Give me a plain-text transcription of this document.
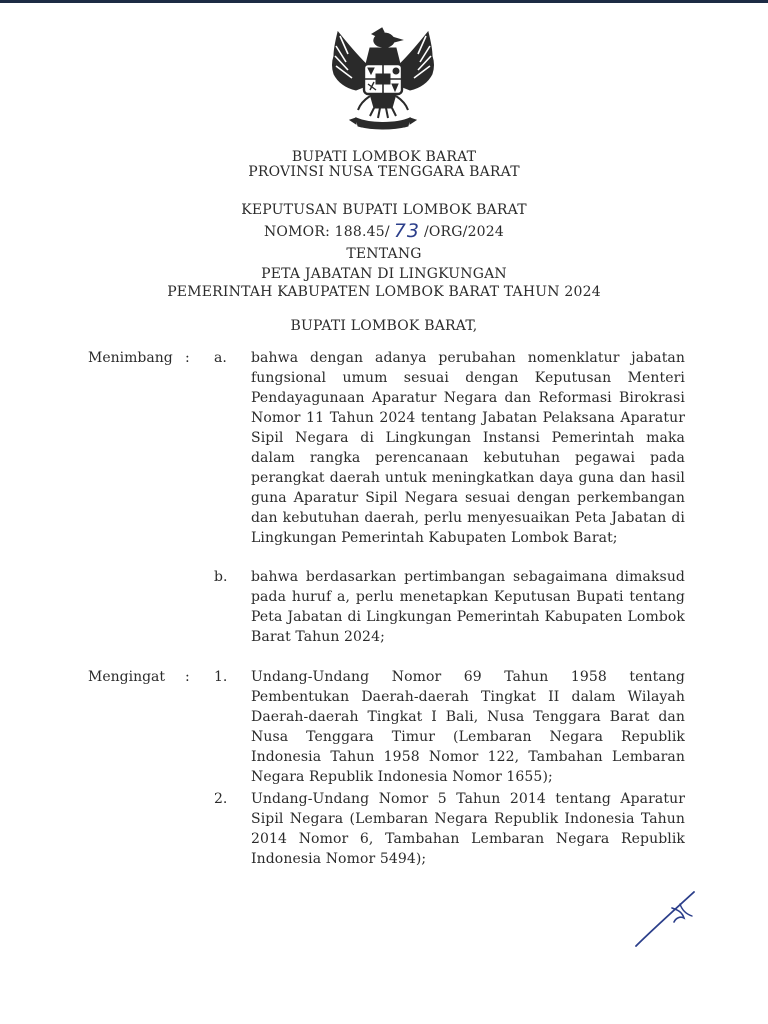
BUPATI LOMBOK BARAT
PROVINSI NUSA TENGGARA BARAT
KEPUTUSAN BUPATI LOMBOK BARAT
NOMOR: 188.45/ 73 /ORG/2024
TENTANG
PETA JABATAN DI LINGKUNGAN
PEMERINTAH KABUPATEN LOMBOK BARAT TAHUN 2024
BUPATI LOMBOK BARAT,
Menimbang : a. bahwa dengan adanya perubahan nomenklatur jabatan fungsional umum sesuai dengan Keputusan Menteri Pendayagunaan Aparatur Negara dan Reformasi Birokrasi Nomor 11 Tahun 2024 tentang Jabatan Pelaksana Aparatur Sipil Negara di Lingkungan Instansi Pemerintah maka dalam rangka perencanaan kebutuhan pegawai pada perangkat daerah untuk meningkatkan daya guna dan hasil guna Aparatur Sipil Negara sesuai dengan perkembangan dan kebutuhan daerah, perlu menyesuaikan Peta Jabatan di Lingkungan Pemerintah Kabupaten Lombok Barat;
b. bahwa berdasarkan pertimbangan sebagaimana dimaksud pada huruf a, perlu menetapkan Keputusan Bupati tentang Peta Jabatan di Lingkungan Pemerintah Kabupaten Lombok Barat Tahun 2024;
Mengingat : 1. Undang-Undang Nomor 69 Tahun 1958 tentang Pembentukan Daerah-daerah Tingkat II dalam Wilayah Daerah-daerah Tingkat I Bali, Nusa Tenggara Barat dan Nusa Tenggara Timur (Lembaran Negara Republik Indonesia Tahun 1958 Nomor 122, Tambahan Lembaran Negara Republik Indonesia Nomor 1655);
2. Undang-Undang Nomor 5 Tahun 2014 tentang Aparatur Sipil Negara (Lembaran Negara Republik Indonesia Tahun 2014 Nomor 6, Tambahan Lembaran Negara Republik Indonesia Nomor 5494);
